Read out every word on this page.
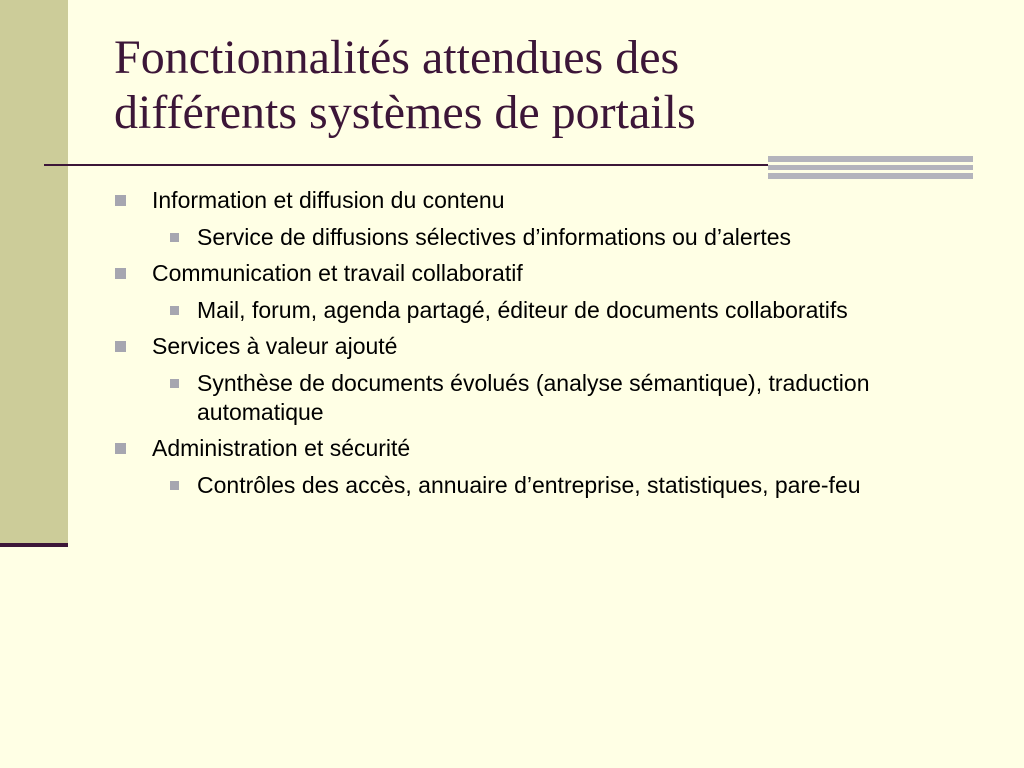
Fonctionnalités attendues des
différents systèmes de portails
Information et diffusion du contenu
Service de diffusions sélectives d’informations ou d’alertes
Communication et travail collaboratif
Mail, forum, agenda partagé, éditeur de documents collaboratifs
Services à valeur ajouté
Synthèse de documents évolués (analyse sémantique), traduction automatique
Administration et sécurité
Contrôles des accès, annuaire d’entreprise, statistiques, pare-feu
